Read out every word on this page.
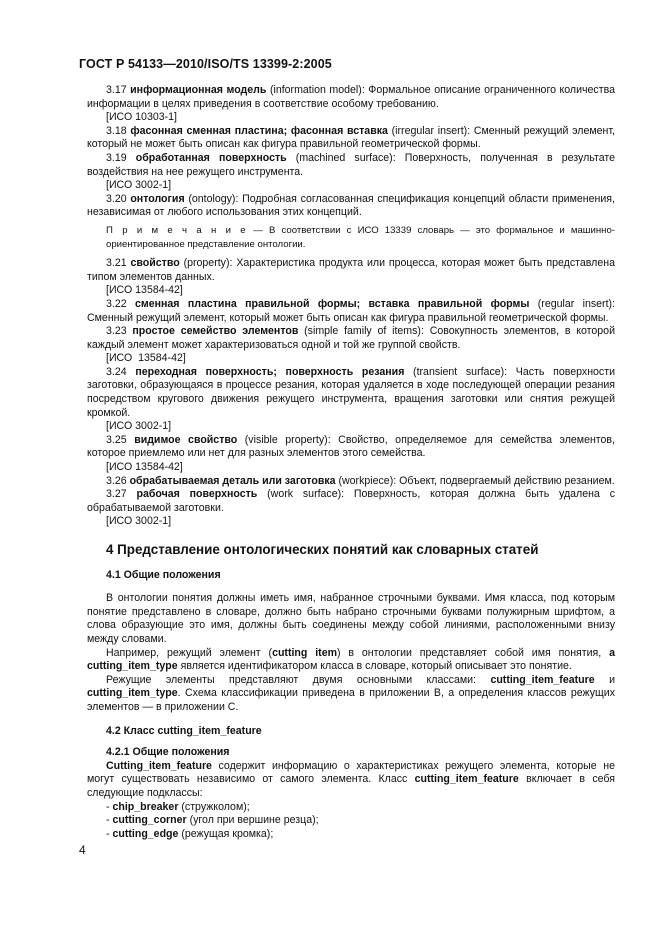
ГОСТ Р 54133—2010/ISO/TS 13399-2:2005

3.17 информационная модель (information model): Формальное описание ограниченного количества информации в целях приведения в соответствие особому требованию.

[ИСО 10303-1]

3.18 фасонная сменная пластина; фасонная вставка (irregular insert): Сменный режущий элемент, который не может быть описан как фигура правильной геометрической формы.

3.19 обработанная поверхность (machined surface): Поверхность, полученная в результате воздействия на нее режущего инструмента.

[ИСО 3002-1]

3.20 онтология (ontology): Подробная согласованная спецификация концепций области применения, независимая от любого использования этих концепций.

П р и м е ч а н и е — В соответствии с ИСО 13339 словарь — это формальное и машинно-ориентированное представление онтологии.

3.21 свойство (property): Характеристика продукта или процесса, которая может быть представлена типом элементов данных.

[ИСО 13584-42]

3.22 сменная пластина правильной формы; вставка правильной формы (regular insert): Сменный режущий элемент, который может быть описан как фигура правильной геометрической формы.

3.23 простое семейство элементов (simple family of items): Совокупность элементов, в которой каждый элемент может характеризоваться одной и той же группой свойств.

[ИСО  13584-42]

3.24 переходная поверхность; поверхность резания (transient surface): Часть поверхности заготовки, образующаяся в процессе резания, которая удаляется в ходе последующей операции резания посредством кругового движения режущего инструмента, вращения заготовки или снятия режущей кромкой.

[ИСО 3002-1]

3.25 видимое свойство (visible property): Свойство, определяемое для семейства элементов, которое приемлемо или нет для разных элементов этого семейства.

[ИСО 13584-42]

3.26 обрабатываемая деталь или заготовка (workpiece): Объект, подвергаемый действию резанием.

3.27 рабочая поверхность (work surface): Поверхность, которая должна быть удалена с обрабатываемой заготовки.

[ИСО 3002-1]

4 Представление онтологических понятий как словарных статей
4.1 Общие положения

В онтологии понятия должны иметь имя, набранное строчными буквами. Имя класса, под которым понятие представлено в словаре, должно быть набрано строчными буквами полужирным шрифтом, а слова образующие это имя, должны быть соединены между собой линиями, расположенными внизу между словами.

Например, режущий элемент (cutting item) в онтологии представляет собой имя понятия, a cutting_item_type является идентификатором класса в словаре, который описывает это понятие.

Режущие элементы представляют двумя основными классами: cutting_item_feature и cutting_item_type. Схема классификации приведена в приложении В, а определения классов режущих элементов — в приложении С.

4.2 Класс cutting_item_feature
4.2.1 Общие положения

Cutting_item_feature содержит информацию о характеристиках режущего элемента, которые не могут существовать независимо от самого элемента. Класс cutting_item_feature включает в себя следующие подклассы:

- chip_breaker (стружколом);
- cutting_corner (угол при вершине резца);
- cutting_edge (режущая кромка);
4
